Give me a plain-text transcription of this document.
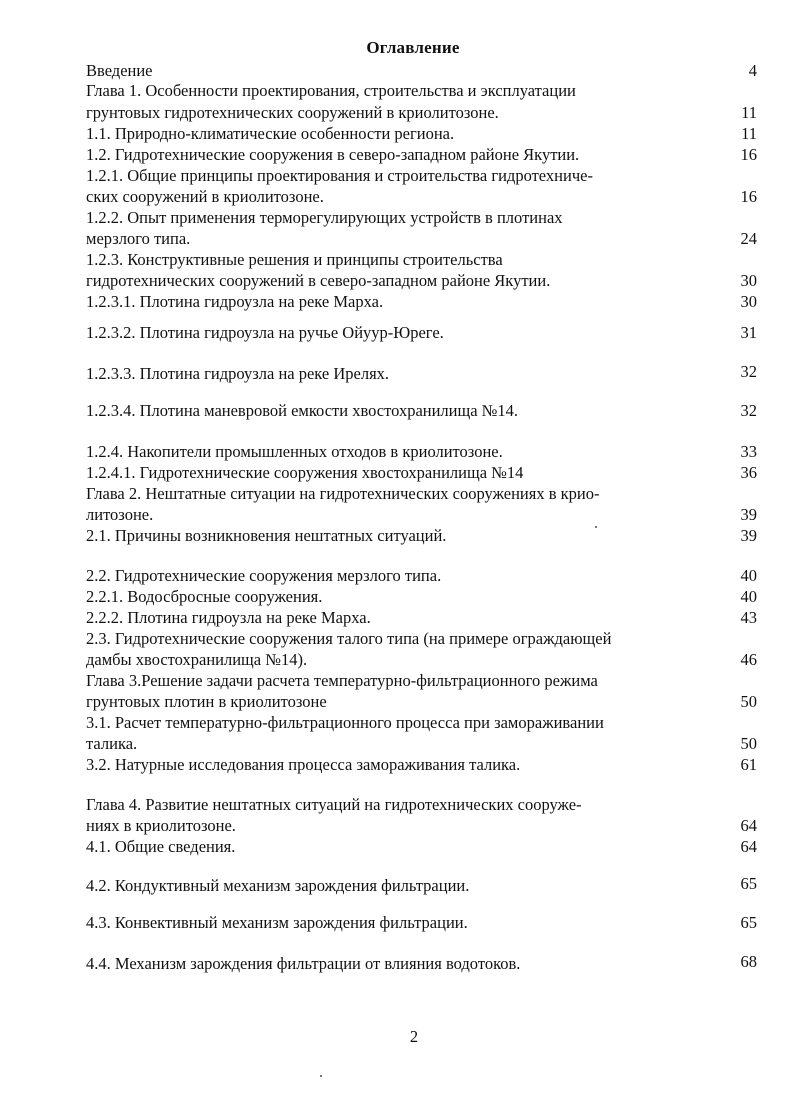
Оглавление
Введение
Глава 1. Особенности проектирования, строительства и эксплуатации
грунтовых гидротехнических сооружений в криолитозоне.
1.1. Природно-климатические особенности региона.
1.2. Гидротехнические сооружения в северо-западном районе Якутии.
1.2.1. Общие принципы проектирования и строительства гидротехниче-
ских сооружений в криолитозоне.
1.2.2. Опыт применения терморегулирующих устройств в плотинах
мерзлого типа.
1.2.3. Конструктивные решения и принципы строительства
гидротехнических сооружений в северо-западном районе Якутии.
1.2.3.1. Плотина гидроузла на реке Марха.
1.2.3.2. Плотина гидроузла на ручье Ойуур-Юреге.
1.2.3.3. Плотина гидроузла на реке Ирелях.
1.2.3.4. Плотина маневровой емкости хвостохранилища №14.
1.2.4. Накопители промышленных отходов в криолитозоне.
1.2.4.1. Гидротехнические сооружения хвостохранилища №14
Глава 2. Нештатные ситуации на гидротехнических сооружениях в крио-
литозоне.
2.1. Причины возникновения нештатных ситуаций.
2.2. Гидротехнические сооружения мерзлого типа.
2.2.1. Водосбросные сооружения.
2.2.2. Плотина гидроузла на реке Марха.
2.3. Гидротехнические сооружения талого типа (на примере ограждающей
дамбы хвостохранилища №14).
Глава 3.Решение задачи расчета температурно-фильтрационного режима
грунтовых плотин в криолитозоне
3.1. Расчет температурно-фильтрационного процесса при замораживании
талика.
3.2. Натурные исследования процесса замораживания талика.
Глава 4. Развитие нештатных ситуаций на гидротехнических сооруже-
ниях в криолитозоне.
4.1. Общие сведения.
4.2. Кондуктивный механизм зарождения фильтрации.
4.3. Конвективный механизм зарождения фильтрации.
4.4. Механизм зарождения фильтрации от влияния водотоков.
4
11
11
16
16
24
30
30
31
32
32
33
36
39
39
40
40
43
46
50
50
61
64
64
65
65
68
2
